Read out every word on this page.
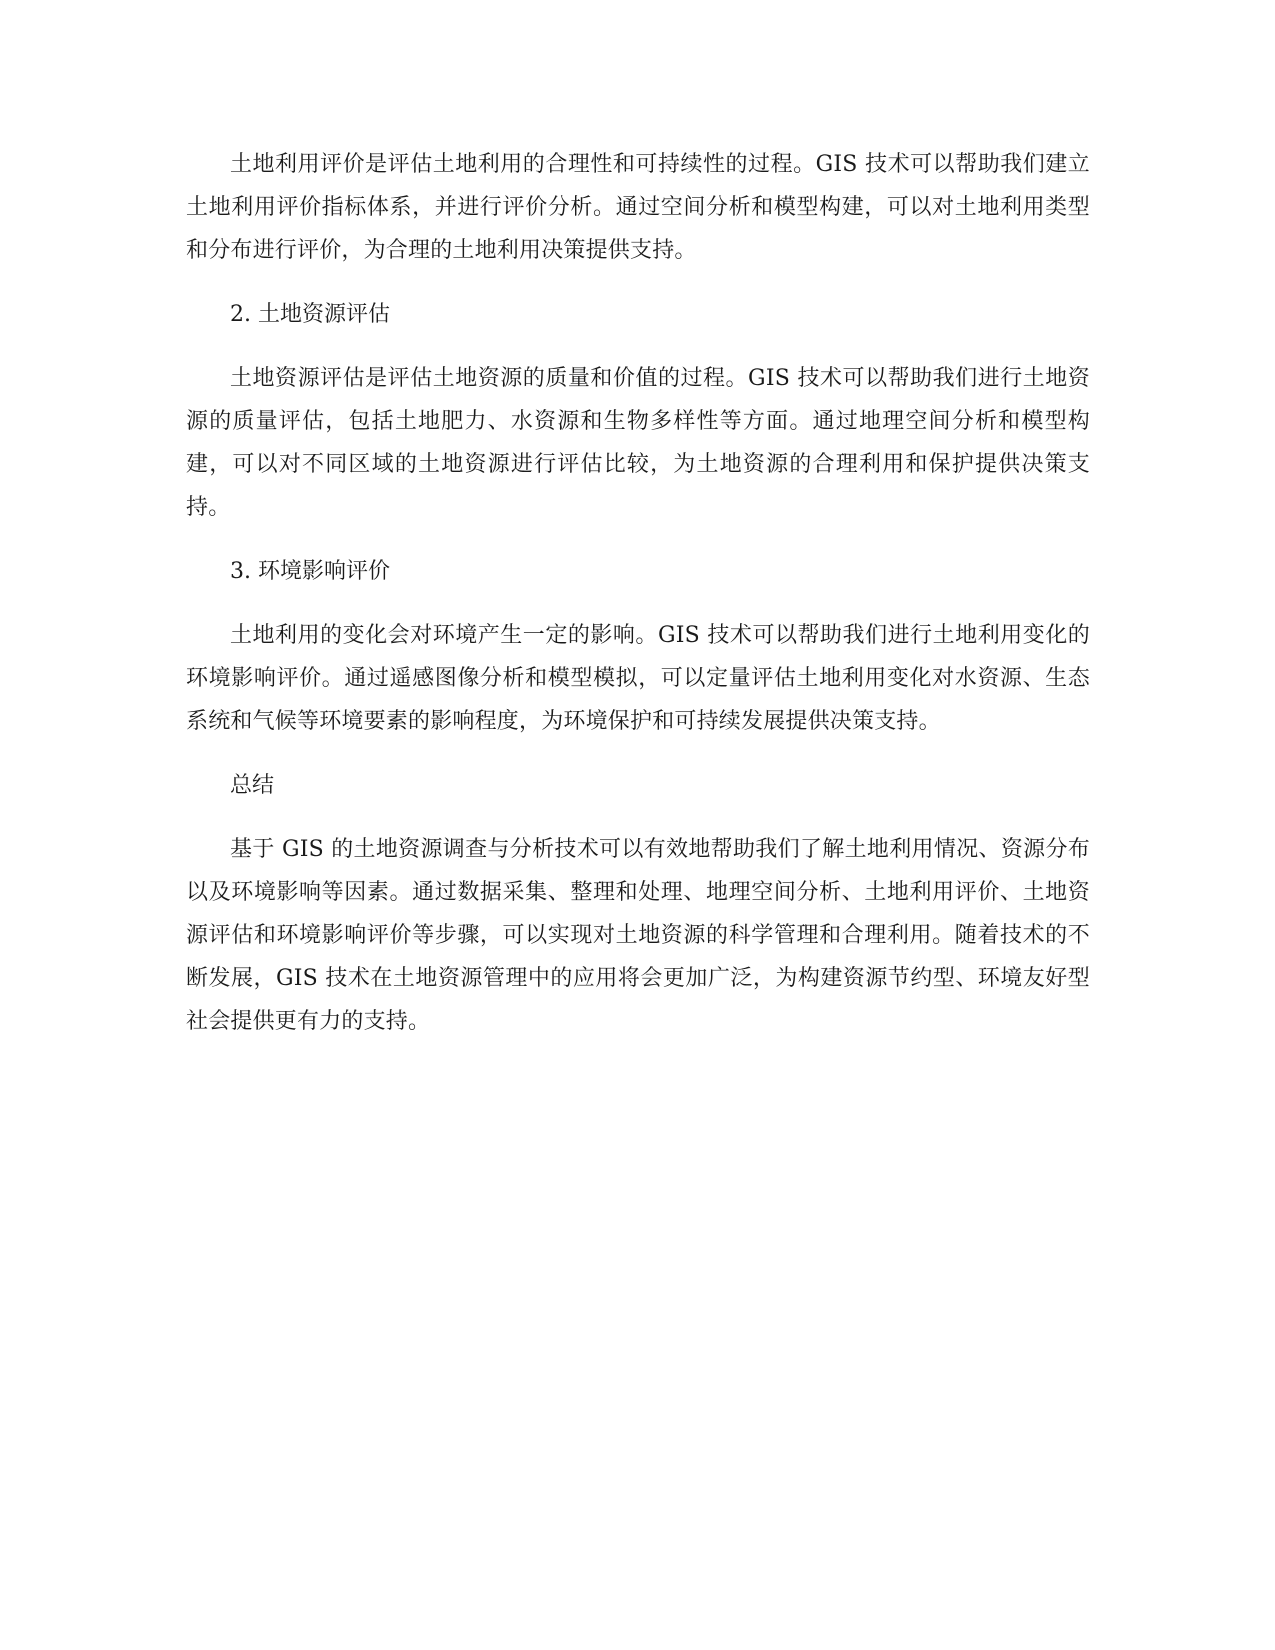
土地利用评价是评估土地利用的合理性和可持续性的过程。GIS 技术可以帮助我们建立土地利用评价指标体系，并进行评价分析。通过空间分析和模型构建，可以对土地利用类型和分布进行评价，为合理的土地利用决策提供支持。

2. 土地资源评估

土地资源评估是评估土地资源的质量和价值的过程。GIS 技术可以帮助我们进行土地资源的质量评估，包括土地肥力、水资源和生物多样性等方面。通过地理空间分析和模型构建，可以对不同区域的土地资源进行评估比较，为土地资源的合理利用和保护提供决策支持。

3. 环境影响评价

土地利用的变化会对环境产生一定的影响。GIS 技术可以帮助我们进行土地利用变化的环境影响评价。通过遥感图像分析和模型模拟，可以定量评估土地利用变化对水资源、生态系统和气候等环境要素的影响程度，为环境保护和可持续发展提供决策支持。

总结

基于 GIS 的土地资源调查与分析技术可以有效地帮助我们了解土地利用情况、资源分布以及环境影响等因素。通过数据采集、整理和处理、地理空间分析、土地利用评价、土地资源评估和环境影响评价等步骤，可以实现对土地资源的科学管理和合理利用。随着技术的不断发展，GIS 技术在土地资源管理中的应用将会更加广泛，为构建资源节约型、环境友好型社会提供更有力的支持。
